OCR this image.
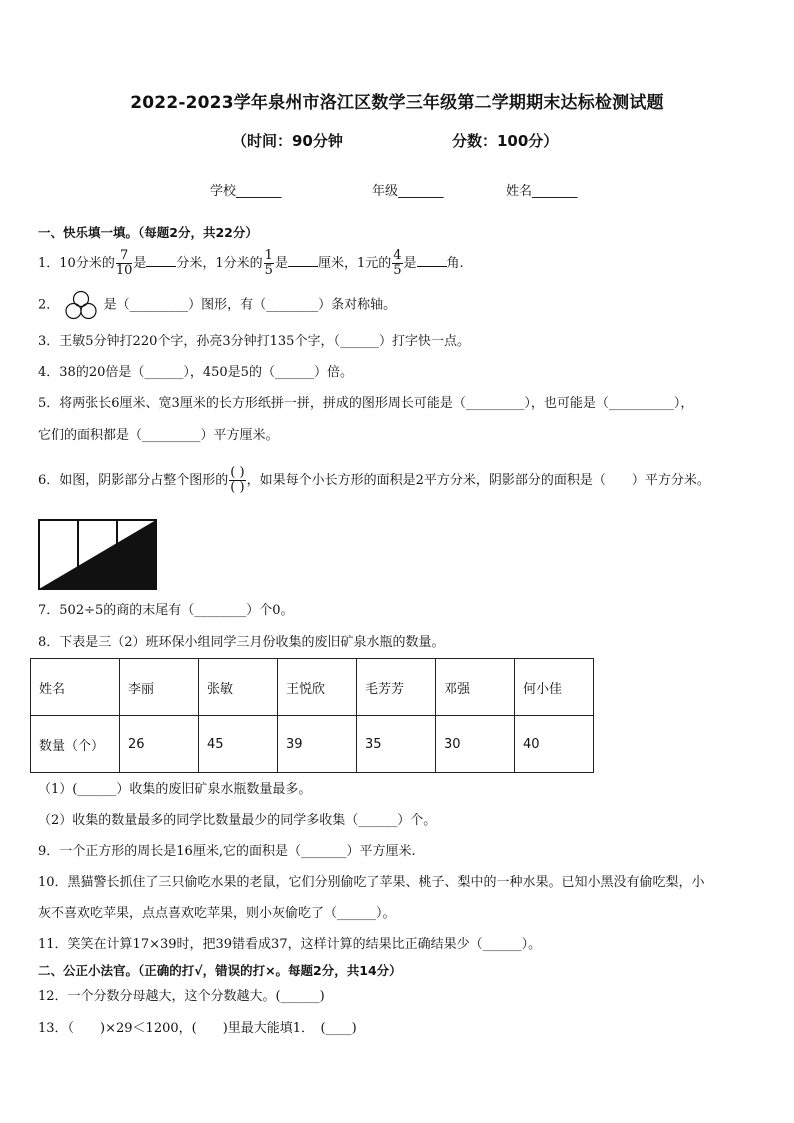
2022-2023学年泉州市洛江区数学三年级第二学期期末达标检测试题
（时间：90分钟	分数：100分）
学校_______	年级_______	姓名_______
一、快乐填一填。（每题2分，共22分）
1．10分米的 $\frac{7}{10}$ 是 分米，1分米的 $\frac{1}{5}$ 是 厘米，1元的 $\frac{4}{5}$ 是 角.
2．	是（_________）图形，有（________）条对称轴。
3．王敏5分钟打220个字，孙亮3分钟打135个字，（______）打字快一点。
4．38的20倍是（______），450是5的（______）倍。
5．将两张长6厘米、宽3厘米的长方形纸拼一拼，拼成的图形周长可能是（_________），也可能是（__________），
它们的面积都是（_________）平方厘米。
6．如图，阴影部分占整个图形的 $\frac{( )}{( )}$ ，如果每个小长方形的面积是2平方分米，阴影部分的面积是（　　）平方分米。
7．502÷5的商的末尾有（________）个0。
8．下表是三（2）班环保小组同学三月份收集的废旧矿泉水瓶的数量。
姓名	李丽	张敏	王悦欣	毛芳芳	邓强	何小佳
数量（个）	26	45	39	35	30	40
（1）(______）收集的废旧矿泉水瓶数量最多。
（2）收集的数量最多的同学比数量最少的同学多收集（______）个。
9．一个正方形的周长是16厘米,它的面积是（_______）平方厘米.
10．黑猫警长抓住了三只偷吃水果的老鼠，它们分别偷吃了苹果、桃子、梨中的一种水果。已知小黑没有偷吃梨，小
灰不喜欢吃苹果，点点喜欢吃苹果，则小灰偷吃了（______）。
11．笑笑在计算17×39时，把39错看成37，这样计算的结果比正确结果少（______）。
二、公正小法官。（正确的打√，错误的打×。每题2分，共14分）
12．一个分数分母越大，这个分数越大。(______)
13．（　　)×29＜1200，(　　)里最大能填1．　(____)
